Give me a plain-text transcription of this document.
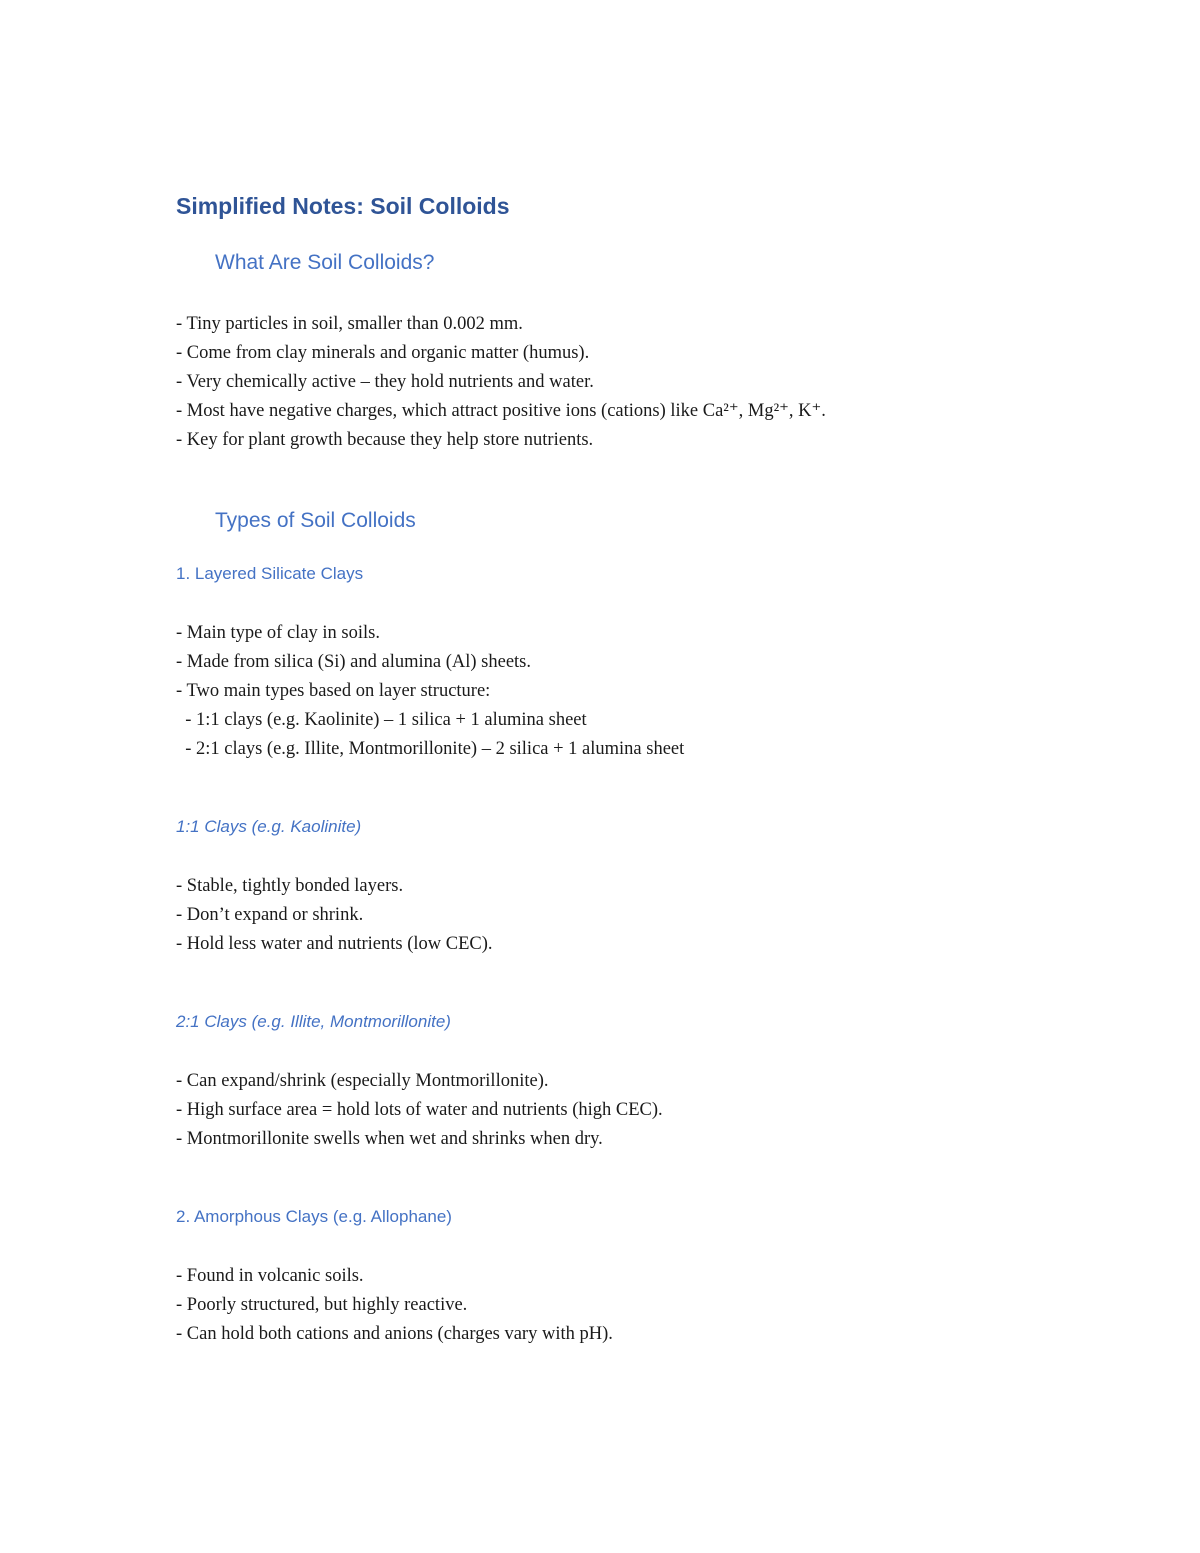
Simplified Notes: Soil Colloids
What Are Soil Colloids?
- Tiny particles in soil, smaller than 0.002 mm.
- Come from clay minerals and organic matter (humus).
- Very chemically active – they hold nutrients and water.
- Most have negative charges, which attract positive ions (cations) like Ca²⁺, Mg²⁺, K⁺.
- Key for plant growth because they help store nutrients.
Types of Soil Colloids
1. Layered Silicate Clays
- Main type of clay in soils.
- Made from silica (Si) and alumina (Al) sheets.
- Two main types based on layer structure:
- 1:1 clays (e.g. Kaolinite) – 1 silica + 1 alumina sheet
- 2:1 clays (e.g. Illite, Montmorillonite) – 2 silica + 1 alumina sheet
1:1 Clays (e.g. Kaolinite)
- Stable, tightly bonded layers.
- Don’t expand or shrink.
- Hold less water and nutrients (low CEC).
2:1 Clays (e.g. Illite, Montmorillonite)
- Can expand/shrink (especially Montmorillonite).
- High surface area = hold lots of water and nutrients (high CEC).
- Montmorillonite swells when wet and shrinks when dry.
2. Amorphous Clays (e.g. Allophane)
- Found in volcanic soils.
- Poorly structured, but highly reactive.
- Can hold both cations and anions (charges vary with pH).
